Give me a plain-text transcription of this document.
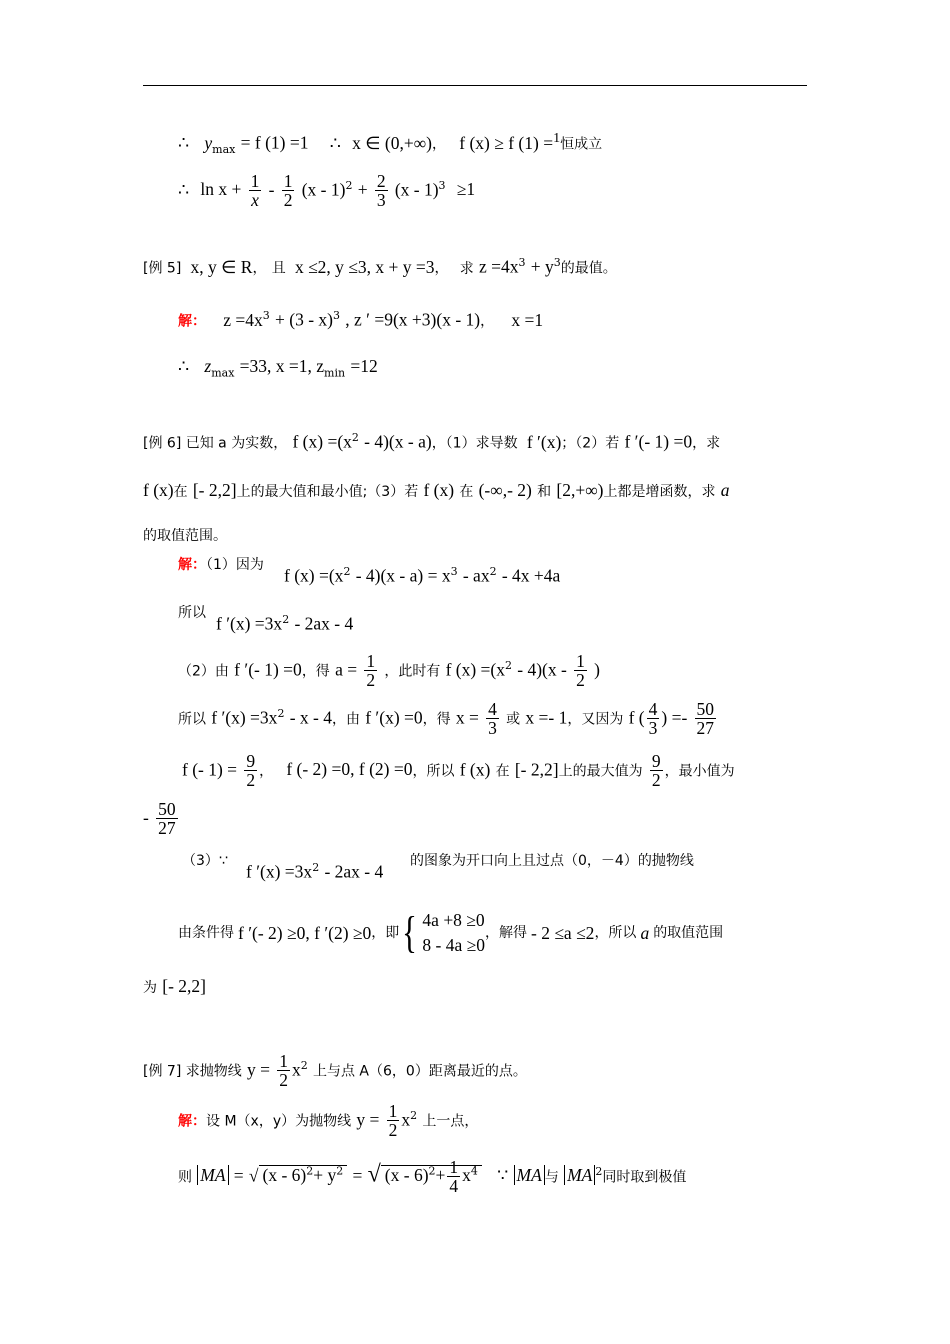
∴ $y_{max} = f$ (1) =1 ∴ x ∈ (0,+∞)， f (x) ≥ f (1) =$^1$恒成立
∴ $\ln x + \frac{1}{x} - \frac{1}{2} (x - 1)^2 + \frac{2}{3} (x - 1)^3 \ge 1$
[例 5] x, y ∈ R， 且 x ≤2, y ≤3, x + y =3， 求 $z =4x^3 + y^3$的最值。
解： $z =4x^3 + (3 - x)^3$ , z ′ =9(x +3)(x - 1)， x =1
∴ $z_{max} =33$, x =1, $z_{min} =12$
[例 6] 已知 a 为实数， f $(x) =(x^2 - 4)(x - a)$，（1）求导数 f ′(x)；（2）若 f ′(- 1) =0，求
f (x)在 [- 2,2]上的最大值和最小值;（3）若 f (x) 在 (-∞,- 2) 和 [2,+∞)上都是增函数，求 a
的取值范围。
解：（1）因为
f $(x) =(x^2 - 4)(x - a) = x^3 - ax^2 - 4x +4a$
所以
f $'(x) =3x^2 - 2ax - 4$
（2）由 f ′(- 1) =0，得 $a = \frac{1}{2}$ ，此时有 f $(x) =(x^2 - 4)(x - \frac{1}{2}$ )
所以 f $'(x) =3x^2 - x - 4$，由 f ′(x) =0，得 $x = \frac{4}{3}$ 或 x =- 1，又因为 f ( $\frac{4}{3}$ ) =- $\frac{50}{27}$
f (- $1) = \frac{9}{2}$ ， f (- 2) =0, f (2) =0，所以 f (x) 在 [- 2,2]上的最大值为 $\frac{9}{2}$ ，最小值为
- $\frac{50}{27}$
（3）∵	的图象为开口向上且过点（0，－4）的抛物线
f $'(x) =3x^2 - 2ax - 4$
由条件得 f ′(- 2) ≥0, f ′(2) ≥0 ，即 { 4a +8 ≥0
8 - 4a ≥0
，解得 - 2 ≤a ≤2 ，所以 a 的取值范围
为 [- 2,2]
[例 7] 求抛物线 $y = \frac{1}{2} x^2$ 上与点 A（6，0）距离最近的点。
解：设 M（x，y）为抛物线 $y = \frac{1}{2} x^2$ 上一点，
则 MA = √ $(x - 6)^2+ y^2$ = √ $(x - 6)^2+ \frac{1}{4} x^4$ ∵ MA 与 MA $^2$同时取到极值
